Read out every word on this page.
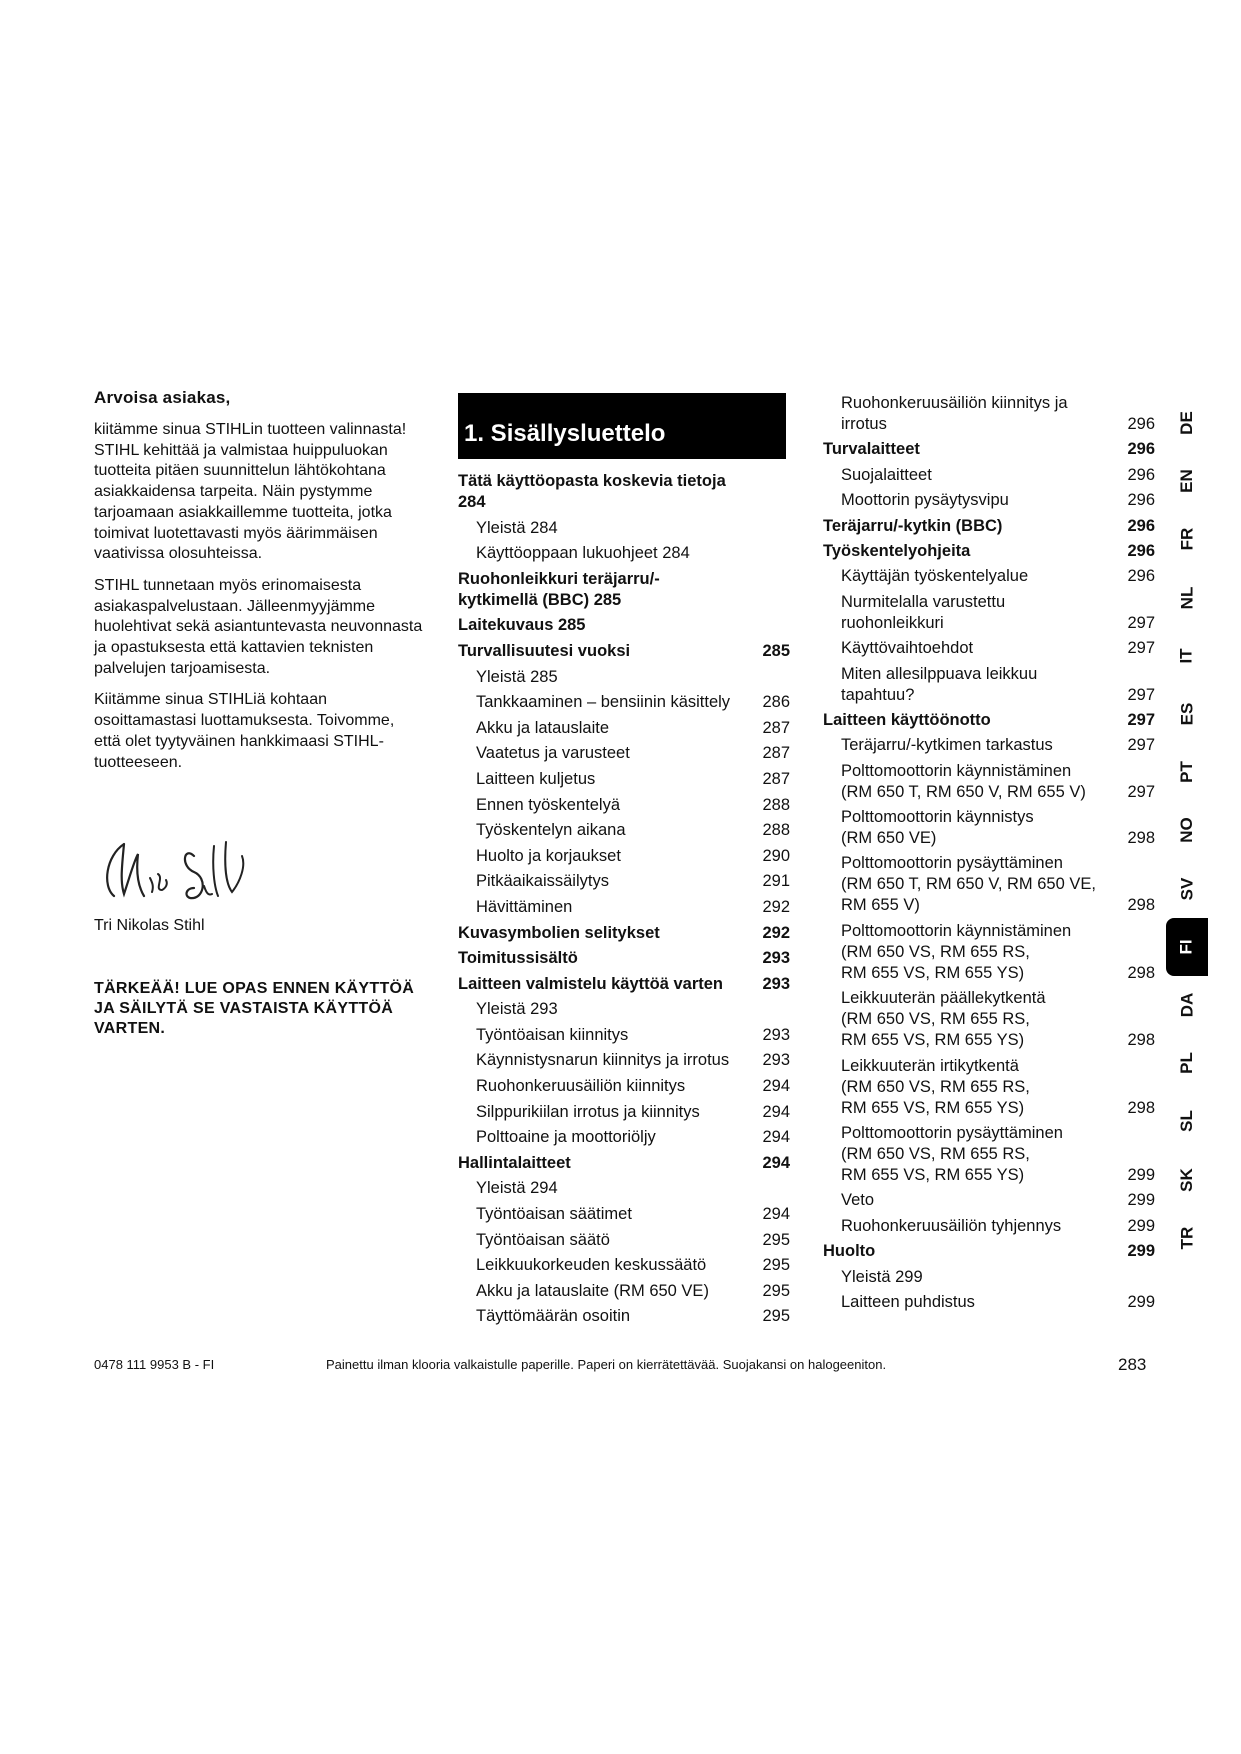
Arvoisa asiakas,

kiitämme sinua STIHLin tuotteen valinnasta! STIHL kehittää ja valmistaa huippuluokan tuotteita pitäen suunnittelun lähtökohtana asiakkaidensa tarpeita. Näin pystymme tarjoamaan asiakkaillemme tuotteita, jotka toimivat luotettavasti myös äärimmäisen vaativissa olosuhteissa.

STIHL tunnetaan myös erinomaisesta asiakaspalvelustaan. Jälleenmyyjämme huolehtivat sekä asiantuntevasta neuvonnasta ja opastuksesta että kattavien teknisten palvelujen tarjoamisesta.

Kiitämme sinua STIHLiä kohtaan osoittamastasi luottamuksesta. Toivomme, että olet tyytyväinen hankkimaasi STIHL-tuotteeseen.

Tri Nikolas Stihl
TÄRKEÄÄ! LUE OPAS ENNEN KÄYTTÖÄ JA SÄILYTÄ SE VASTAISTA KÄYTTÖÄ VARTEN.
1. Sisällysluettelo
Tätä käyttöopasta koskevia tietoja 284
Yleistä 284
Käyttöoppaan lukuohjeet 284
Ruohonleikkuri teräjarru/-
kytkimellä (BBC) 285
Laitekuvaus 285
Turvallisuutesi vuoksi	285
Yleistä 285
Tankkaaminen – bensiinin käsittely	286
Akku ja latauslaite	287
Vaatetus ja varusteet	287
Laitteen kuljetus	287
Ennen työskentelyä	288
Työskentelyn aikana	288
Huolto ja korjaukset	290
Pitkäaikaissäilytys	291
Hävittäminen	292
Kuvasymbolien selitykset	292
Toimitussisältö	293
Laitteen valmistelu käyttöä varten	293
Yleistä 293
Työntöaisan kiinnitys	293
Käynnistysnarun kiinnitys ja irrotus	293
Ruohonkeruusäiliön kiinnitys	294
Silppurikiilan irrotus ja kiinnitys	294
Polttoaine ja moottoriöljy	294
Hallintalaitteet	294
Yleistä 294
Työntöaisan säätimet	294
Työntöaisan säätö	295
Leikkuukorkeuden keskussäätö	295
Akku ja latauslaite (RM 650 VE)	295
Täyttömäärän osoitin	295
Ruohonkeruusäiliön kiinnitys ja
irrotus	296
Turvalaitteet	296
Suojalaitteet	296
Moottorin pysäytysvipu	296
Teräjarru/-kytkin (BBC)	296
Työskentelyohjeita	296
Käyttäjän työskentelyalue	296
Nurmitelalla varustettu
ruohonleikkuri	297
Käyttövaihtoehdot	297
Miten allesilppuava leikkuu
tapahtuu?	297
Laitteen käyttöönotto	297
Teräjarru/-kytkimen tarkastus	297
Polttomoottorin käynnistäminen
(RM 650 T, RM 650 V, RM 655 V)	297
Polttomoottorin käynnistys
(RM 650 VE)	298
Polttomoottorin pysäyttäminen
(RM 650 T, RM 650 V, RM 650 VE,
RM 655 V)	298
Polttomoottorin käynnistäminen
(RM 650 VS, RM 655 RS,
RM 655 VS, RM 655 YS)	298
Leikkuuterän päällekytkentä
(RM 650 VS, RM 655 RS,
RM 655 VS, RM 655 YS)	298
Leikkuuterän irtikytkentä
(RM 650 VS, RM 655 RS,
RM 655 VS, RM 655 YS)	298
Polttomoottorin pysäyttäminen
(RM 650 VS, RM 655 RS,
RM 655 VS, RM 655 YS)	299
Veto	299
Ruohonkeruusäiliön tyhjennys	299
Huolto	299
Yleistä 299
Laitteen puhdistus	299
DE
EN
FR
NL
IT
ES
PT
NO
SV
FI
DA
PL
SL
SK
TR
0478 111 9953 B - FI	Painettu ilman klooria valkaistulle paperille. Paperi on kierrätettävää. Suojakansi on halogeeniton.	283
